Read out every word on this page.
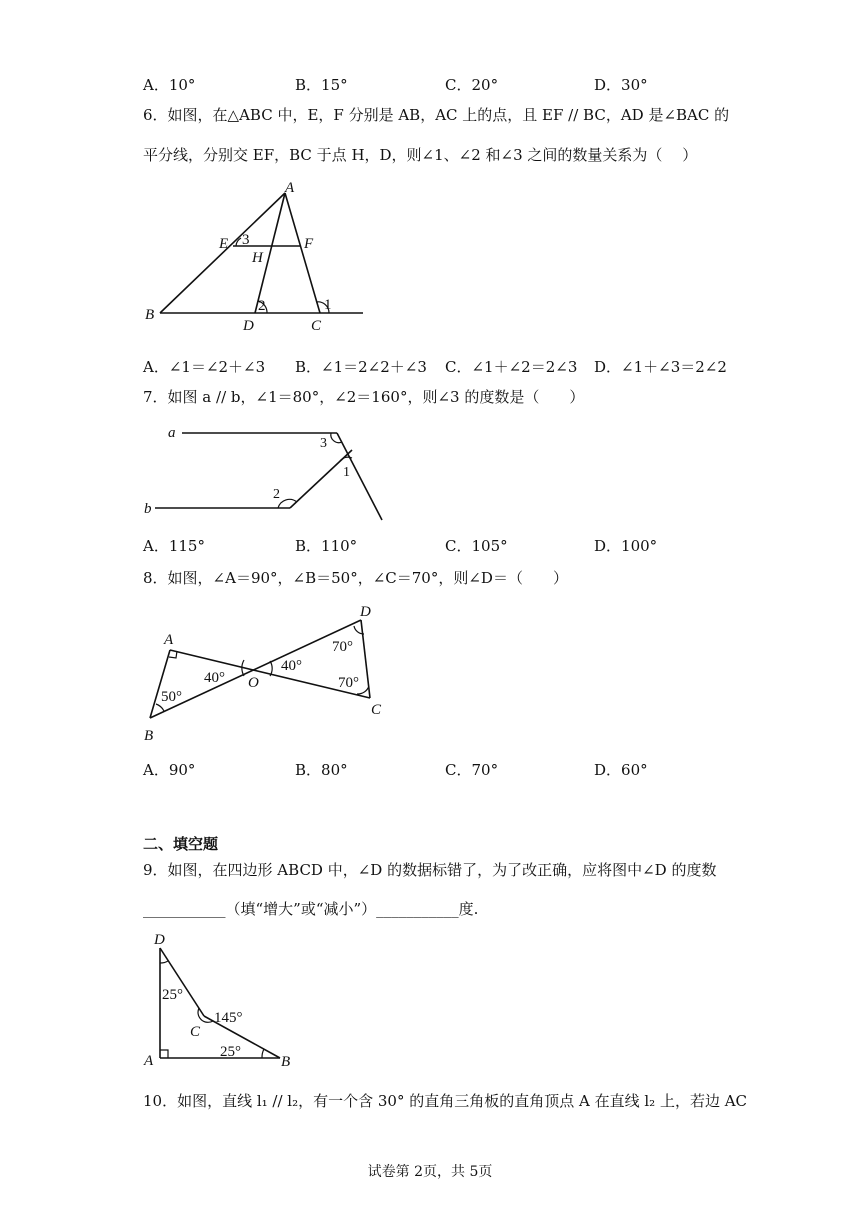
A．10°	B．15°	C．20°	D．30°
6．如图，在△ABC 中，E，F 分别是 AB，AC 上的点，且 EF // BC，AD 是∠BAC 的
平分线，分别交 EF，BC 于点 H，D，则∠1、∠2 和∠3 之间的数量关系为（　 ）
A
B
D	C
E	F
H
3
2	1
A．∠1＝∠2＋∠3 B．∠1＝2∠2＋∠3 C．∠1＋∠2＝2∠3 D．∠1＋∠3＝2∠2
7．如图 a // b，∠1＝80°，∠2＝160°，则∠3 的度数是（　　）
a
b
3
1
2
A．115°	B．110°	C．105°	D．100°
8．如图，∠A＝90°，∠B＝50°，∠C＝70°，则∠D＝（　　）
A
B
O
D
C
40°
50°
40°
70°
70°
A．90°	B．80°	C．70°	D．60°
二、填空题
9．如图，在四边形 ABCD 中，∠D 的数据标错了，为了改正确，应将图中∠D 的度数
___________（填“增大”或“减小”）___________度.
D
A
C
B
25°
145°
25°
10．如图，直线 l₁ // l₂，有一个含 30° 的直角三角板的直角顶点 A 在直线 l₂ 上，若边 AC
试卷第 2页，共 5页
